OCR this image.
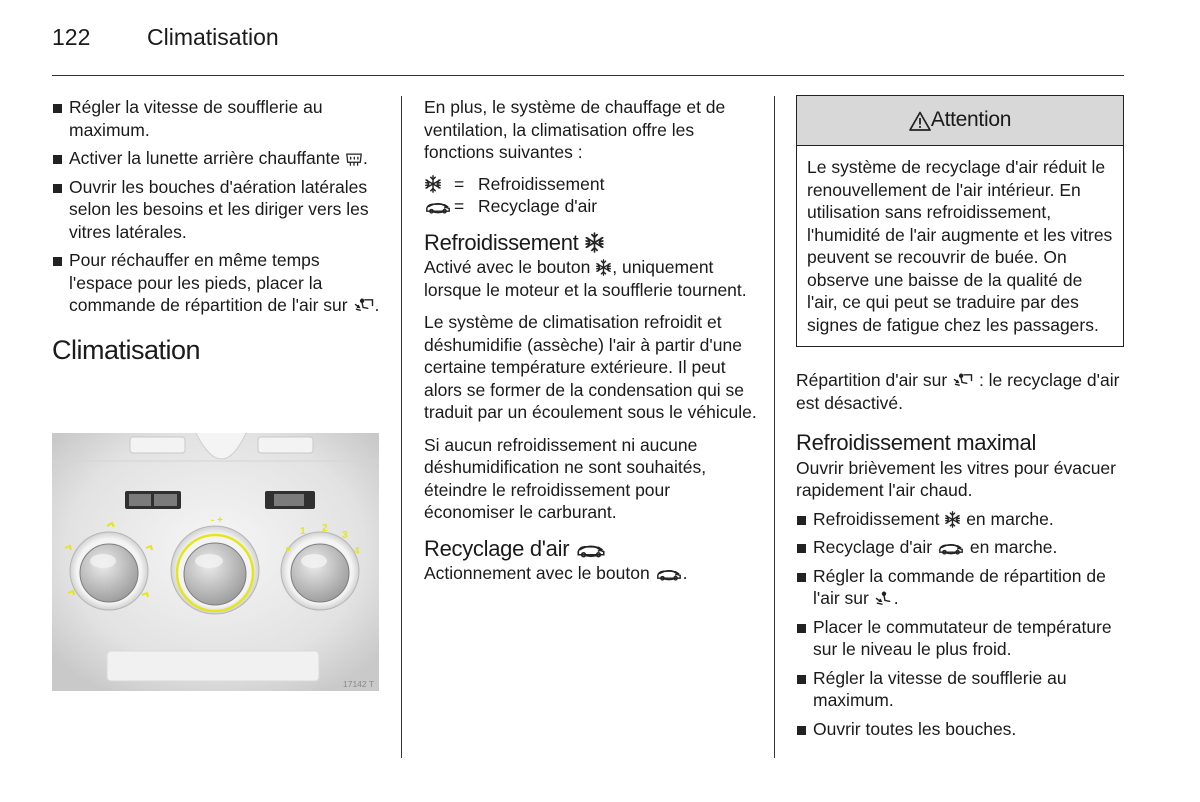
122 Climatisation
Régler la vitesse de soufflerie au maximum.
Activer la lunette arrière chauffante .
Ouvrir les bouches d'aération latérales selon les besoins et les diriger vers les vitres latérales.
Pour réchauffer en même temps l'espace pour les pieds, placer la commande de répartition de l'air sur .
Climatisation
- +
1 2
3
4
17142 T

En plus, le système de chauffage et de ventilation, la climatisation offre les fonctions suivantes :

= Refroidissement
= Recyclage d'air
Refroidissement

Activé avec le bouton , uniquement lorsque le moteur et la soufflerie tournent.

Le système de climatisation refroidit et déshumidifie (assèche) l'air à partir d'une certaine température extérieure. Il peut alors se former de la condensation qui se traduit par un écoulement sous le véhicule.

Si aucun refroidissement ni aucune déshumidification ne sont souhaités, éteindre le refroidissement pour économiser le carburant.

Recyclage d'air

Actionnement avec le bouton .

Attention
Le système de recyclage d'air réduit le renouvellement de l'air intérieur. En utilisation sans refroidissement, l'humidité de l'air augmente et les vitres peuvent se recouvrir de buée. On observe une baisse de la qualité de l'air, ce qui peut se traduire par des signes de fatigue chez les passagers.

Répartition d'air sur : le recyclage d'air est désactivé.

Refroidissement maximal

Ouvrir brièvement les vitres pour évacuer rapidement l'air chaud.

Refroidissement en marche.
Recyclage d'air en marche.
Régler la commande de répartition de l'air sur .
Placer le commutateur de température sur le niveau le plus froid.
Régler la vitesse de soufflerie au maximum.
Ouvrir toutes les bouches.
